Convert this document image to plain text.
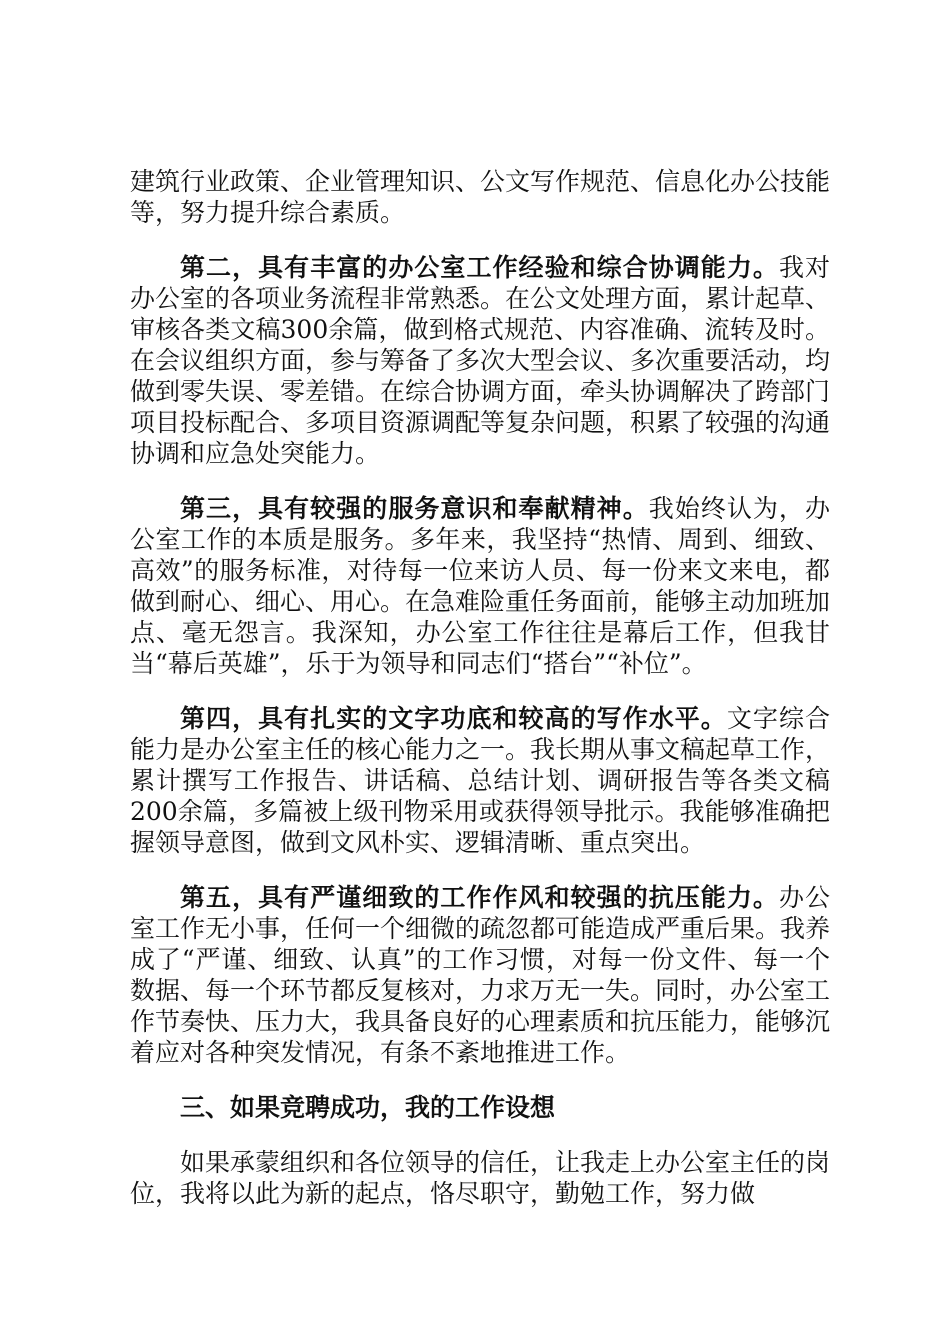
建筑行业政策、企业管理知识、公文写作规范、信息化办公技能等，努力提升综合素质。

第二，具有丰富的办公室工作经验和综合协调能力。我对办公室的各项业务流程非常熟悉。在公文处理方面，累计起草、审核各类文稿300余篇，做到格式规范、内容准确、流转及时。在会议组织方面，参与筹备了多次大型会议、多次重要活动，均做到零失误、零差错。在综合协调方面，牵头协调解决了跨部门项目投标配合、多项目资源调配等复杂问题，积累了较强的沟通协调和应急处突能力。

第三，具有较强的服务意识和奉献精神。我始终认为，办公室工作的本质是服务。多年来，我坚持“热情、周到、细致、高效”的服务标准，对待每一位来访人员、每一份来文来电，都做到耐心、细心、用心。在急难险重任务面前，能够主动加班加点、毫无怨言。我深知，办公室工作往往是幕后工作，但我甘当“幕后英雄”，乐于为领导和同志们“搭台”“补位”。

第四，具有扎实的文字功底和较高的写作水平。文字综合能力是办公室主任的核心能力之一。我长期从事文稿起草工作，累计撰写工作报告、讲话稿、总结计划、调研报告等各类文稿200余篇，多篇被上级刊物采用或获得领导批示。我能够准确把握领导意图，做到文风朴实、逻辑清晰、重点突出。

第五，具有严谨细致的工作作风和较强的抗压能力。办公室工作无小事，任何一个细微的疏忽都可能造成严重后果。我养成了“严谨、细致、认真”的工作习惯，对每一份文件、每一个数据、每一个环节都反复核对，力求万无一失。同时，办公室工作节奏快、压力大，我具备良好的心理素质和抗压能力，能够沉着应对各种突发情况，有条不紊地推进工作。

三、如果竞聘成功，我的工作设想

如果承蒙组织和各位领导的信任，让我走上办公室主任的岗位，我将以此为新的起点，恪尽职守，勤勉工作，努力做
